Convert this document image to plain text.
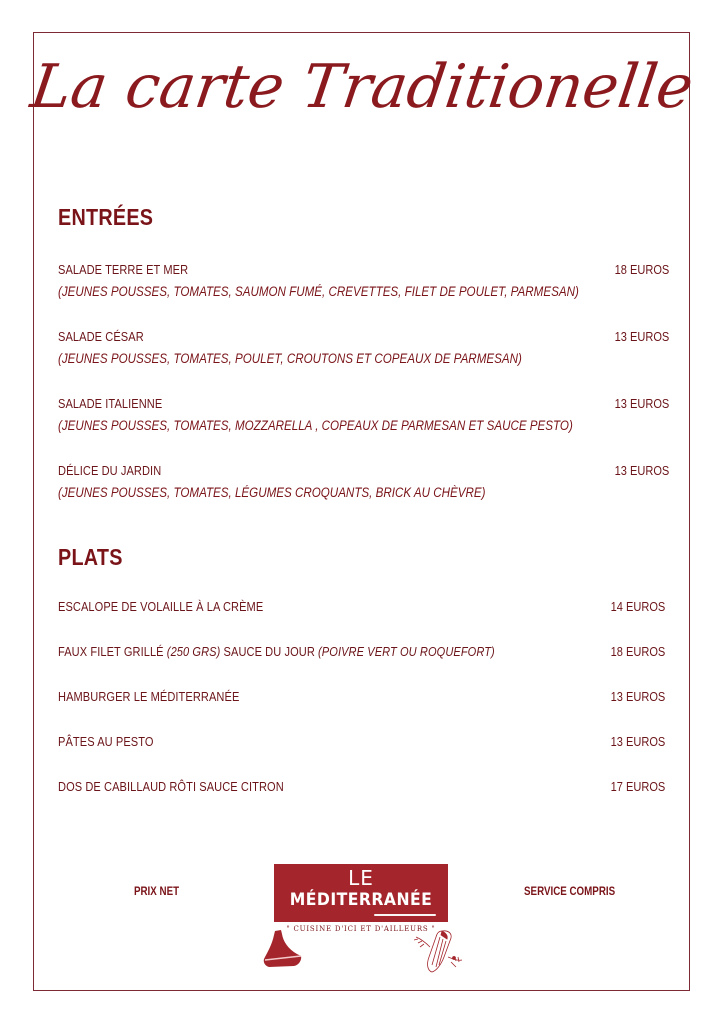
La carte Traditionelle
ENTRÉES
SALADE TERRE ET MER	18 EUROS
(JEUNES POUSSES, TOMATES, SAUMON FUMÉ, CREVETTES, FILET DE POULET, PARMESAN)
SALADE CÉSAR	13 EUROS
(JEUNES POUSSES, TOMATES, POULET, CROUTONS ET COPEAUX DE PARMESAN)
SALADE ITALIENNE	13 EUROS
(JEUNES POUSSES, TOMATES, MOZZARELLA , COPEAUX DE PARMESAN ET SAUCE PESTO)
DÉLICE DU JARDIN	13 EUROS
(JEUNES POUSSES, TOMATES, LÉGUMES CROQUANTS, BRICK AU CHÈVRE)
PLATS
ESCALOPE DE VOLAILLE À LA CRÈME	14 EUROS
FAUX FILET GRILLÉ (250 GRS) SAUCE DU JOUR (POIVRE VERT OU ROQUEFORT)	18 EUROS
HAMBURGER LE MÉDITERRANÉE	13 EUROS
PÂTES AU PESTO	13 EUROS
DOS DE CABILLAUD RÔTI SAUCE CITRON	17 EUROS
PRIX NET	SERVICE COMPRIS
LE
MÉDITERRANÉE
" CUISINE D'ICI ET D'AILLEURS "
